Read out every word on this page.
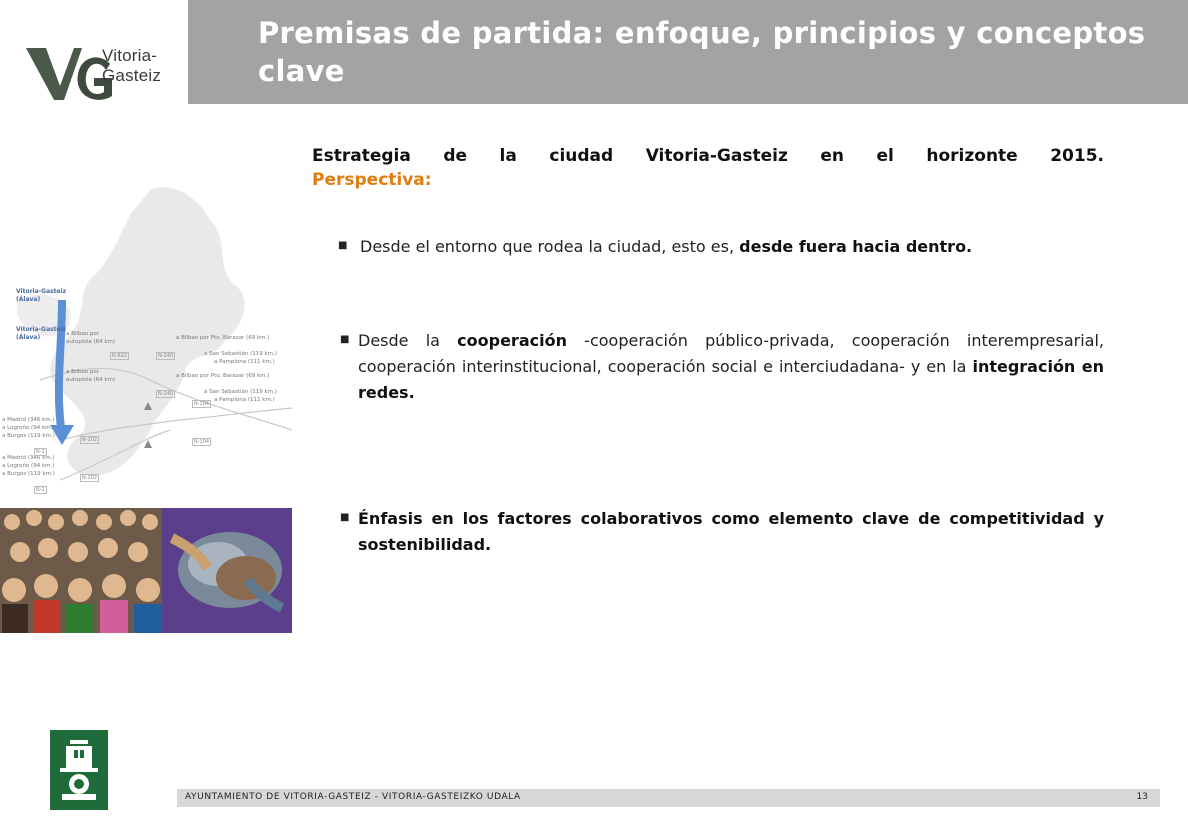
Premisas de partida: enfoque, principios y conceptos clave
Vitoria-Gasteiz
Estrategia de la ciudad Vitoria-Gasteiz en el horizonte 2015.
Perspectiva:
■ Desde el entorno que rodea la ciudad, esto es, desde fuera hacia dentro.
■ Desde la cooperación -cooperación público-privada, cooperación interempresarial, cooperación interinstitucional, cooperación social e interciudadana- y en la integración en redes.
■ Énfasis en los factores colaborativos como elemento clave de competitividad y sostenibilidad.
Vitoria-Gasteiz (Álava)
Vitoria-Gasteiz (Álava)	a Bilbao por autopista (64 km)
a Bilbao por autopista (64 km)
a Bilbao por Pto. Barazar (69 km.)
a San Sebastián (119 km.)
a Pamplona (111 km.)
a Bilbao por Pto. Barazar (69 km.)
a San Sebastián (119 km.)
a Pamplona (111 km.)
a Madrid (346 km.)
a Logroño (94 km.)
a Burgos (119 km.)
a Madrid (346 km.)
a Logroño (94 km.)
a Burgos (119 km.)
N-622	N-240
N-240
N-104
N-102	N-104
N-1
N-102
N-1
AYUNTAMIENTO DE VITORIA-GASTEIZ - VITORIA-GASTEIZKO UDALA	13
